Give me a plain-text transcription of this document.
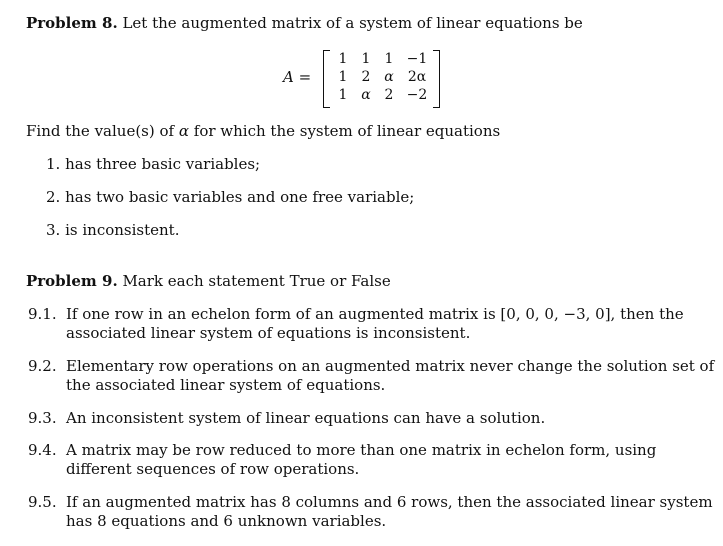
Problem 8. Let the augmented matrix of a system of linear equations be
A =
1	1	1 −1
1	2 α	2α
1 α 2 −2
Find the value(s) of α for which the system of linear equations
1. has three basic variables;
2. has two basic variables and one free variable;
3. is inconsistent.
Problem 9. Mark each statement True or False
9.1. If one row in an echelon form of an augmented matrix is [0, 0, 0, −3, 0], then the associated linear system of equations is inconsistent.
9.2. Elementary row operations on an augmented matrix never change the solution set of the associated linear system of equations.
9.3. An inconsistent system of linear equations can have a solution.
9.4. A matrix may be row reduced to more than one matrix in echelon form, using different sequences of row operations.
9.5. If an augmented matrix has 8 columns and 6 rows, then the associated linear system has 8 equations and 6 unknown variables.
